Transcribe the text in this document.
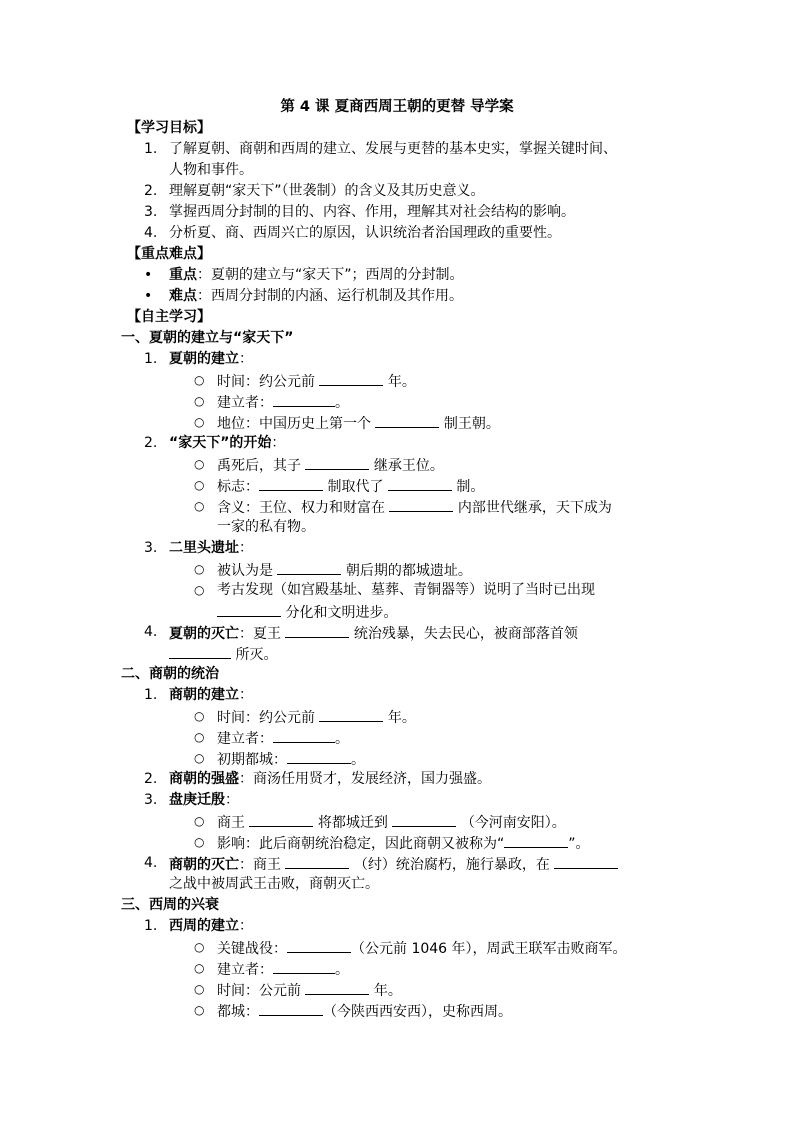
第 4 课 夏商西周王朝的更替 导学案
【学习目标】
1. 了解夏朝、商朝和西周的建立、发展与更替的基本史实，掌握关键时间、
人物和事件。
2. 理解夏朝“家天下”（世袭制）的含义及其历史意义。
3. 掌握西周分封制的目的、内容、作用，理解其对社会结构的影响。
4. 分析夏、商、西周兴亡的原因，认识统治者治国理政的重要性。
【重点难点】
• 重点：夏朝的建立与“家天下”；西周的分封制。
• 难点：西周分封制的内涵、运行机制及其作用。
【自主学习】
一、夏朝的建立与“家天下”
1. 夏朝的建立：
○ 时间：约公元前	年。
○ 建立者：	。
○ 地位：中国历史上第一个	制王朝。
2. “家天下”的开始：
○ 禹死后，其子	继承王位。
○ 标志：	制取代了	制。
○ 含义：王位、权力和财富在	内部世代继承，天下成为
一家的私有物。
3. 二里头遗址：
○ 被认为是	朝后期的都城遗址。
○ 考古发现（如宫殿基址、墓葬、青铜器等）说明了当时已出现
分化和文明进步。
4. 夏朝的灭亡：夏王	统治残暴，失去民心，被商部落首领
所灭。
二、商朝的统治
1. 商朝的建立：
○ 时间：约公元前	年。
○ 建立者：	。
○ 初期都城：	。
2. 商朝的强盛：商汤任用贤才，发展经济，国力强盛。
3. 盘庚迁殷：
○ 商王	将都城迁到	（今河南安阳）。
○ 影响：此后商朝统治稳定，因此商朝又被称为“	”。
4. 商朝的灭亡：商王	（纣）统治腐朽，施行暴政，在
之战中被周武王击败，商朝灭亡。
三、西周的兴衰
1. 西周的建立：
○ 关键战役：	（公元前 1046 年），周武王联军击败商军。
○ 建立者：	。
○ 时间：公元前	年。
○ 都城：	（今陕西西安西），史称西周。
